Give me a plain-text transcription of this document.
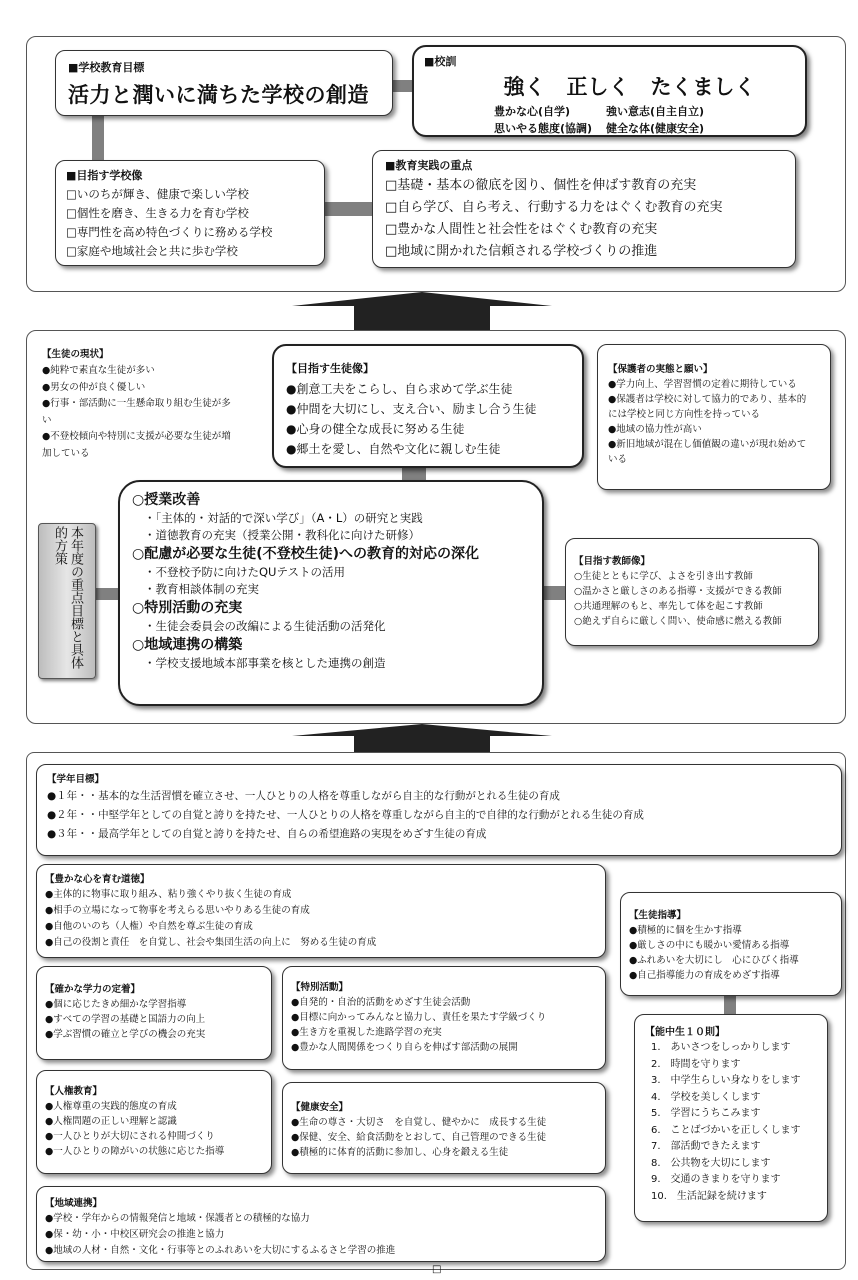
■学校教育目標
活力と潤いに満ちた学校の創造
■校訓
強く　正しく　たくましく
豊かな心(自学)	強い意志(自主自立)
思いやる態度(協調) 健全な体(健康安全)
■目指す学校像
□いのちが輝き、健康で楽しい学校
□個性を磨き、生きる力を育む学校
□専門性を高め特色づくりに務める学校
□家庭や地域社会と共に歩む学校
■教育実践の重点
□基礎・基本の徹底を図り、個性を伸ばす教育の充実
□自ら学び、自ら考え、行動する力をはぐくむ教育の充実
□豊かな人間性と社会性をはぐくむ教育の充実
□地域に開かれた信頼される学校づくりの推進
【生徒の現状】
●純粋で素直な生徒が多い
●男女の仲が良く優しい
●行事・部活動に一生懸命取り組む生徒が多
い
●不登校傾向や特別に支援が必要な生徒が増
加している
【目指す生徒像】
●創意工夫をこらし、自ら求めて学ぶ生徒
●仲間を大切にし、支え合い、励まし合う生徒
●心身の健全な成長に努める生徒
●郷土を愛し、自然や文化に親しむ生徒
【保護者の実態と願い】
●学力向上、学習習慣の定着に期待している
●保護者は学校に対して協力的であり、基本的
には学校と同じ方向性を持っている
●地域の協力性が高い
●新旧地域が混在し価値観の違いが現れ始めて
いる
本年度の重点目標と具体的方策
○授業改善
・「主体的・対話的で深い学び」（A・L）の研究と実践
・道徳教育の充実（授業公開・教科化に向けた研修）
○配慮が必要な生徒(不登校生徒)への教育的対応の深化
・不登校予防に向けたQUテストの活用
・教育相談体制の充実
○特別活動の充実
・生徒会委員会の改編による生徒活動の活発化
○地域連携の構築
・学校支援地域本部事業を核とした連携の創造
【目指す教師像】
○生徒とともに学び、よさを引き出す教師
○温かさと厳しさのある指導・支援ができる教師
○共通理解のもと、率先して体を起こす教師
○絶えず自らに厳しく問い、使命感に燃える教師
【学年目標】
●１年・・基本的な生活習慣を確立させ、一人ひとりの人格を尊重しながら自主的な行動がとれる生徒の育成
●２年・・中堅学年としての自覚と誇りを持たせ、一人ひとりの人格を尊重しながら自主的で自律的な行動がとれる生徒の育成
●３年・・最高学年としての自覚と誇りを持たせ、自らの希望進路の実現をめざす生徒の育成
【豊かな心を育む道徳】
●主体的に物事に取り組み、粘り強くやり抜く生徒の育成
●相手の立場になって物事を考えらる思いやりある生徒の育成
●自他のいのち（人権）や自然を尊ぶ生徒の育成
●自己の役割と責任　を自覚し、社会や集団生活の向上に　努める生徒の育成
【確かな学力の定着】
●個に応じたきめ細かな学習指導
●すべての学習の基礎と国語力の向上
●学ぶ習慣の確立と学びの機会の充実
【特別活動】
●自発的・自治的活動をめざす生徒会活動
●目標に向かってみんなと協力し、責任を果たす学級づくり
●生き方を重視した進路学習の充実
●豊かな人間関係をつくり自らを伸ばす部活動の展開
【人権教育】
●人権尊重の実践的態度の育成
●人権問題の正しい理解と認識
●一人ひとりが大切にされる仲間づくり
●一人ひとりの障がいの状態に応じた指導
【健康安全】
●生命の尊さ・大切さ　を自覚し、健やかに　成長する生徒
●保健、安全、給食活動をとおして、自己管理のできる生徒
●積極的に体育的活動に参加し、心身を鍛える生徒
【地域連携】
●学校・学年からの情報発信と地域・保護者との積極的な協力
●保・幼・小・中校区研究会の推進と協力
●地域の人材・自然・文化・行事等とのふれあいを大切にするふるさと学習の推進
【生徒指導】
●積極的に個を生かす指導
●厳しさの中にも暖かい愛情ある指導
●ふれあいを大切にし　心にひびく指導
●自己指導能力の育成をめざす指導
【能中生１０則】
1.　あいさつをしっかりします
2.　時間を守ります
3.　中学生らしい身なりをします
4.　学校を美しくします
5.　学習にうちこみます
6.　ことばづかいを正しくします
7.　部活動できたえます
8.　公共物を大切にします
9.　交通のきまりを守ります
10.　生活記録を続けます
□
